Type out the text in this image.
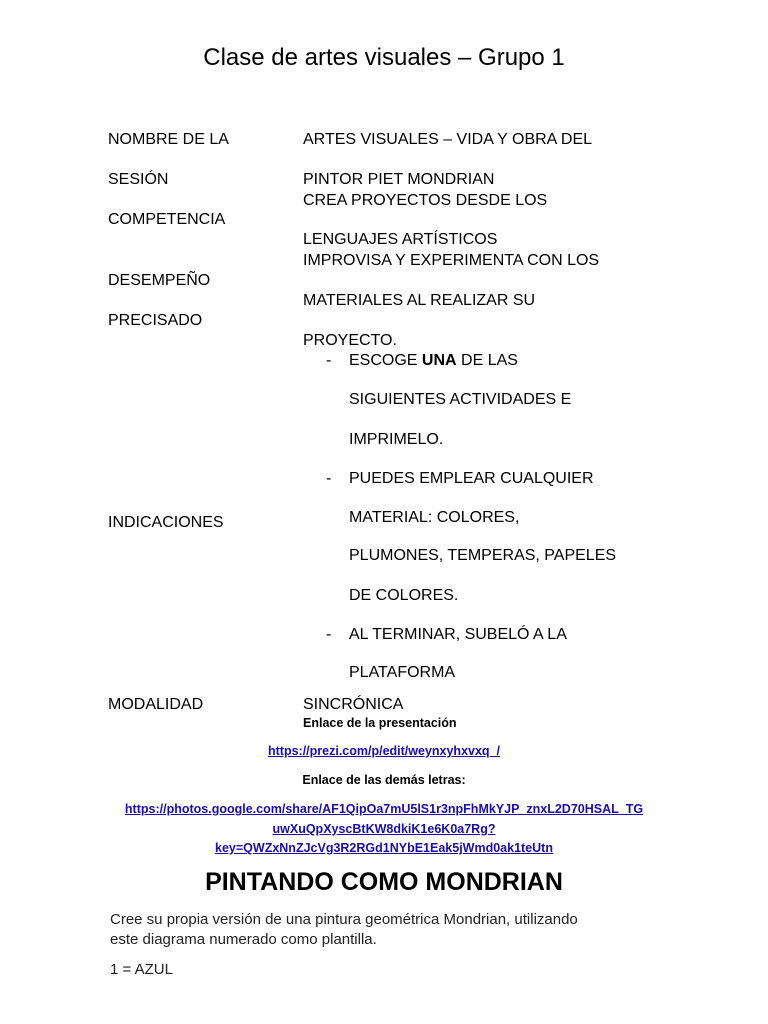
Clase de artes visuales – Grupo 1
NOMBRE DE LA
SESIÓN
ARTES VISUALES – VIDA Y OBRA DEL
PINTOR PIET MONDRIAN
COMPETENCIA
CREA PROYECTOS DESDE LOS
LENGUAJES ARTÍSTICOS
DESEMPEÑO
PRECISADO
IMPROVISA Y EXPERIMENTA CON LOS
MATERIALES AL REALIZAR SU
PROYECTO.
INDICACIONES
- ESCOGE UNA DE LAS
SIGUIENTES ACTIVIDADES E
IMPRIMELO.
- PUEDES EMPLEAR CUALQUIER
MATERIAL: COLORES,
PLUMONES, TEMPERAS, PAPELES
DE COLORES.
- AL TERMINAR, SUBELÓ A LA
PLATAFORMA
MODALIDAD	SINCRÓNICA
Enlace de la presentación
https://prezi.com/p/edit/weynxyhxvxq_/
Enlace de las demás letras:
https://photos.google.com/share/AF1QipOa7mU5lS1r3npFhMkYJP_znxL2D70HSAL_TG
uwXuQpXyscBtKW8dkiK1e6K0a7Rg?
key=QWZxNnZJcVg3R2RGd1NYbE1Eak5jWmd0ak1teUtn
PINTANDO COMO MONDRIAN
Cree su propia versión de una pintura geométrica Mondrian, utilizando
este diagrama numerado como plantilla.
1 = AZUL
